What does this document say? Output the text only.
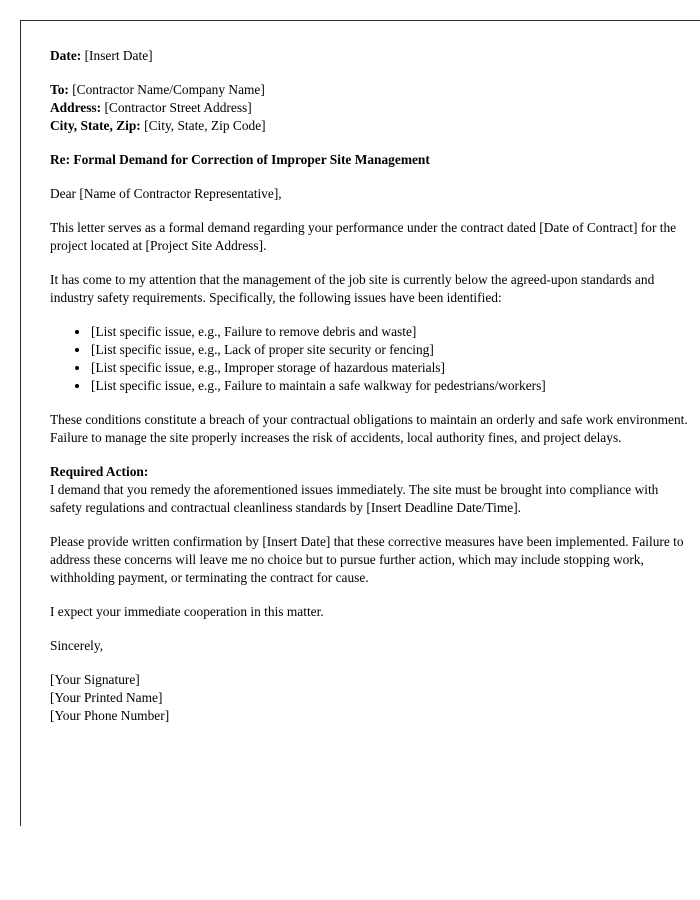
Date: [Insert Date]

To: [Contractor Name/Company Name]
Address: [Contractor Street Address]
City, State, Zip: [City, State, Zip Code]

Re: Formal Demand for Correction of Improper Site Management

Dear [Name of Contractor Representative],

This letter serves as a formal demand regarding your performance under the contract dated [Date of Contract] for the project located at [Project Site Address].

It has come to my attention that the management of the job site is currently below the agreed-upon standards and industry safety requirements. Specifically, the following issues have been identified:

• [List specific issue, e.g., Failure to remove debris and waste]
• [List specific issue, e.g., Lack of proper site security or fencing]
• [List specific issue, e.g., Improper storage of hazardous materials]
• [List specific issue, e.g., Failure to maintain a safe walkway for pedestrians/workers]

These conditions constitute a breach of your contractual obligations to maintain an orderly and safe work environment. Failure to manage the site properly increases the risk of accidents, local authority fines, and project delays.

Required Action:
I demand that you remedy the aforementioned issues immediately. The site must be brought into compliance with safety regulations and contractual cleanliness standards by [Insert Deadline Date/Time].

Please provide written confirmation by [Insert Date] that these corrective measures have been implemented. Failure to address these concerns will leave me no choice but to pursue further action, which may include stopping work, withholding payment, or terminating the contract for cause.

I expect your immediate cooperation in this matter.

Sincerely,

[Your Signature]
[Your Printed Name]
[Your Phone Number]
